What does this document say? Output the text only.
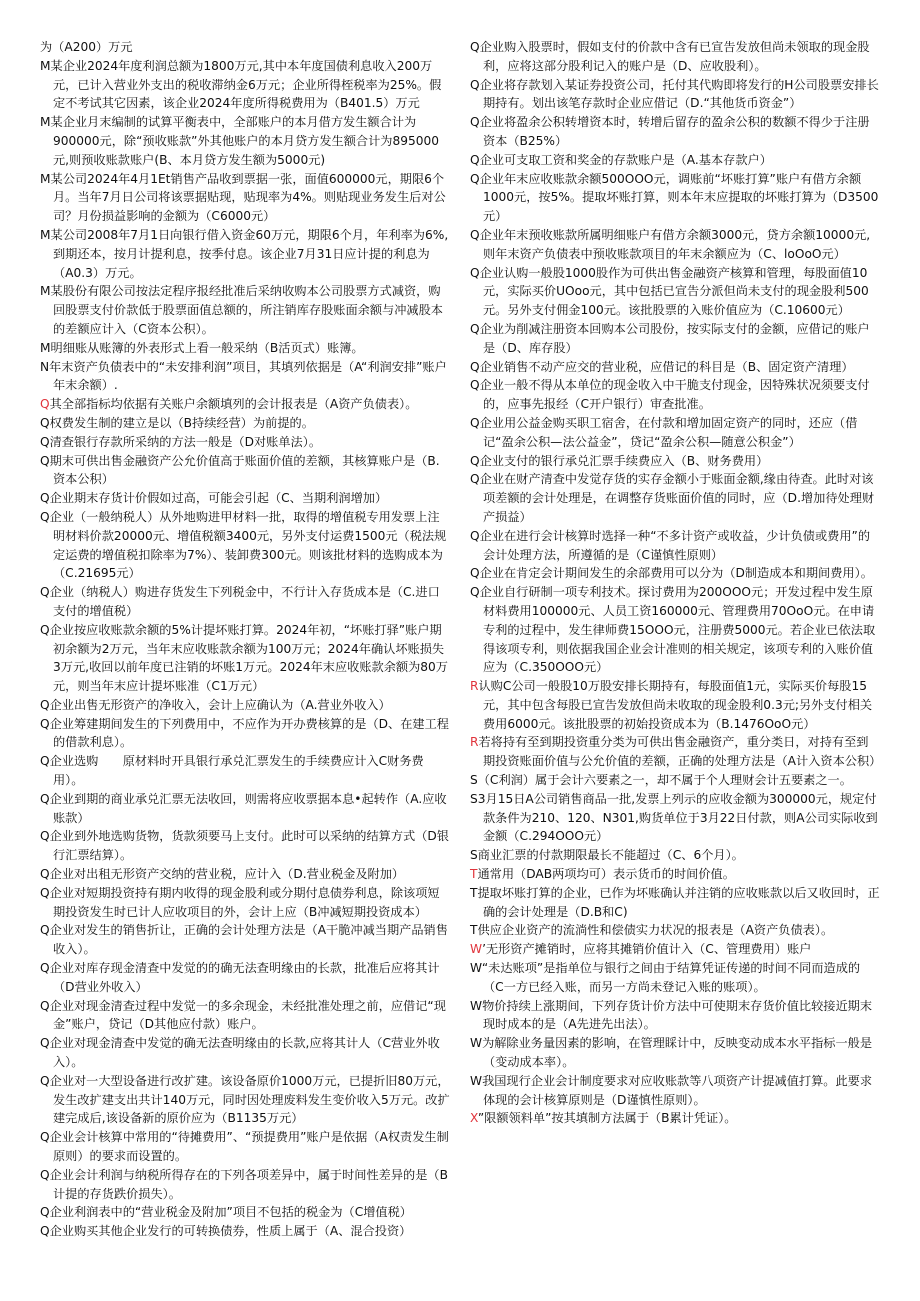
为（A200）万元

M某企业2024年度利润总额为1800万元,其中本年度国债利息收入200万元，已计入营业外支出的税收滞纳金6万元；企业所得桎税率为25%。假定不考试其它因素，该企业2024年度所得税费用为（B401.5）万元

M某企业月末编制的试算平衡表中，全部账户的本月借方发生额合计为900000元，除“预收账款”外其他账户的本月贷方发生额合计为895000元,则预收账款账户(B、本月贷方发生额为5000元)

M某公司2024年4月1Et销售产品收到票据一张，面值600000元，期限6个月。当年7月日公司将该票据贴现，贴现率为4%。则贴现业务发生后对公司？月份损益影响的金额为（C6000元）

M某公司2008年7月1日向银行借入资金60万元，期限6个月，年利率为6%,到期还本，按月计提利息，按季付息。该企业7月31日应计提的利息为（A0.3）万元。

M某股份有限公司按法定程序报经批准后采纳收购本公司股票方式减资，购回股票支付价款低于股票面值总额的，所注销库存股账面余额与冲减股本的差额应计入（C资本公积）。

M明细账从账簿的外表形式上看一般采纳（B活页式）账簿。

N年末资产负债表中的“未安排利润”项目，其填列依据是（A“利润安排”账户年末余额）.

Q其全部指标均依据有关账户余额填列的会计报表是（A资产负债表）。

Q权费发生制的建立是以（B持续经营）为前提的。

Q清查银行存款所采纳的方法一般是（D对账单法）。

Q期末可供出售金融资产公允价值高于账面价值的差额，其核算账户是（B.资本公积）

Q企业期末存货计价假如过高，可能会引起（C、当期利润增加）

Q企业（一般纳税人）从外地购进甲材料一批，取得的增值税专用发票上注明材料价款20000元、增值税额3400元，另外支付运费1500元（税法规定运费的增值税扣除率为7%）、装卸费300元。则该批材料的选购成本为（C.21695元）

Q企业（纳税人）购进存货发生下列税金中，不行计入存货成本是（C.进口支付的增值税）

Q企业按应收账款余额的5%计提坏账打算。2024年初，“坏账打驿”账户期初余额为2万元，当年末应收账款余额为100万元；2024年确认坏账损失3万元,收回以前年度已注销的坏账1万元。2024年末应收账款余额为80万元，则当年末应计提坏账准（C1万元）

Q企业出售无形资产的净收入，会计上应确认为（A.营业外收入）

Q企业筹建期间发生的下列费用中，不应作为开办费核算的是（D、在建工程的借款利息）。

Q企业选购　　原材料时开具银行承兑汇票发生的手续费应计入C财务费用）。

Q企业到期的商业承兑汇票无法收回，则需将应收票据本息•起转作（A.应收账款）

Q企业到外地选购货物，货款须要马上支付。此时可以采纳的结算方式（D银行汇票结算）。

Q企业对出租无形资产交纳的营业税，应计入（D.营业税金及附加）

Q企业对短期投资持有期内收得的现金股利或分期付息债券利息，除该项短期投资发生时已计人应收项目的外，会计上应（B冲减短期投资成本）

Q企业对发生的销售折让，正确的会计处理方法是（A干脆冲减当期产品销售收入）。

Q企业对库存现金清查中发觉的的确无法查明缘由的长款，批准后应将其计（D营业外收入）

Q企业对现金清查过程中发觉一的多余现金，未经批准处理之前，应借记“现金”账户，贷记（D其他应付款）账户。

Q企业对现金清查中发觉的确无法查明缘由的长款,应将其计人（C营业外收入）。

Q企业对一大型设备进行改扩建。该设备原价1000万元，已提折旧80万元，发生改扩建支出共计140万元，同时因处理废料发生变价收入5万元。改扩建完成后,该设备新的原价应为（B1135万元）

Q企业会计核算中常用的“待摊费用”、“预提费用”账户是依据（A权责发生制原则）的要求而设置的。

Q企业会计利润与纳税所得存在的下列各项差异中，属于时间性差异的是（B计提的存货跌价损失）。

Q企业利润表中的“营业税金及附加”项目不包括的税金为（C增值税）

Q企业购买其他企业发行的可转换债券，性质上属于（A、混合投资）

Q企业购入股票时，假如支付的价款中含有已宣告发放但尚未领取的现金股利，应将这部分股利记入的账户是（D、应收股利）。

Q企业将存款划入某证券投资公司，托付其代购即将发行的H公司股票安排长期持有。划出该笔存款时企业应借记（D.“其他货币资金”）

Q企业将盈余公积转增资本时，转增后留存的盈余公积的数额不得少于注册资本（B25%）

Q企业可支取工资和奖金的存款账户是（A.基本存款户）

Q企业年末应收账款余额500OOO元，调账前“坏账打算”账户有借方余额1000元，按5%。提取坏账打算，则本年末应提取的坏账打算为（D3500元）

Q企业年末预收账款所属明细账户有借方余额3000元，贷方余额10000元,则年末资产负债表中预收账款项目的年末余额应为（C、loOoO元）

Q企业认购一般股1000股作为可供出售金融资产核算和管理，每股面值10元，实际买价UOoo元，其中包括已宣告分派但尚未支付的现金股利500元。另外支付佣金100元。该批股票的入账价值应为（C.10600元）

Q企业为削减注册资本回购本公司股份，按实际支付的金额，应借记的账户是（D、库存股）

Q企业销售不动产应交的营业税，应借记的科目是（B、固定资产清理）

Q企业一般不得从本单位的现金收入中干脆支付现金，因特殊状况须要支付的，应事先报经（C开户银行）审查批准。

Q企业用公益金购买职工宿舍，在付款和增加固定资产的同时，还应（借记“盈余公积—法公益金”，贷记“盈余公积—随意公积金”）

Q企业支付的银行承兑汇票手续费应入（B、财务费用）

Q企业在财产清查中发觉存货的实存金额小于账面金额,缘由待查。此时对该项差额的会计处理是，在调整存货账面价值的同时，应（D.增加待处理财产损益）

Q企业在进行会计核算时选择一种“不多计资产或收益，少计负债或费用”的会计处理方法，所遵循的是（C谨慎性原则）

Q企业在肯定会计期间发生的余部费用可以分为（D制造成本和期间费用）。

Q企业自行研制一项专利技术。探讨费用为200OOO元；开发过程中发生原材料费用100000元、人员工资160000元、管理费用70OoO元。在申请专利的过程中，发生律师费15OOO元，注册费5000元。若企业已依法取得该项专利，则依据我国企业会计准则的相关规定，该项专利的入账价值应为（C.350OOO元）

R认购C公司一般股10万股安排长期持有，每股面值1元，实际买价每股15元，其中包含每股已宣告发放但尚未收取的现金股利0.3元;另外支付相关费用6000元。该批股票的初始投资成本为（B.1476OoO元）

R若将持有至到期投资重分类为可供出售金融资产，重分类日，对持有至到期投资账面价值与公允价值的差额，正确的处理方法是（A计入资本公积）

S（C利润）属于会计六要素之一，却不属于个人理财会计五要素之一。

S3月15日A公司销售商品一批,发票上列示的应收金额为300000元，规定付款条件为210、120、N301,购货单位于3月22日付款，则A公司实际收到金额（C.294OOO元）

S商业汇票的付款期限最长不能超过（C、6个月）。

T通常用（DAB两项均可）表示货币的时间价值。

T提取坏账打算的企业，已作为坏账确认并注销的应收账款以后又收回时，正确的会计处理是（D.B和C)

T供应企业资产的流淌性和偿债实力状况的报表是（A资产负债表）。

W’无形资产摊销时，应将其摊销价值计入（C、管理费用）账户

W“未达账项”是指单位与银行之间由于结算凭证传递的时间不同而造成的（C一方已经入账，而另一方尚未登记入账的账项）。

W物价持续上涨期间，下列存货计价方法中可使期末存货价值比较接近期末现时成本的是（A先进先出法）。

W为解除业务量因素的影响，在管理睬计中，反映变动成本水平指标一般是（变动成本率）。

W我国现行企业会计制度要求对应收账款等八项资产计提减值打算。此要求体现的会计核算原则是（D谨慎性原则）。

X”限额领料单”按其填制方法属于（B累计凭证）。
